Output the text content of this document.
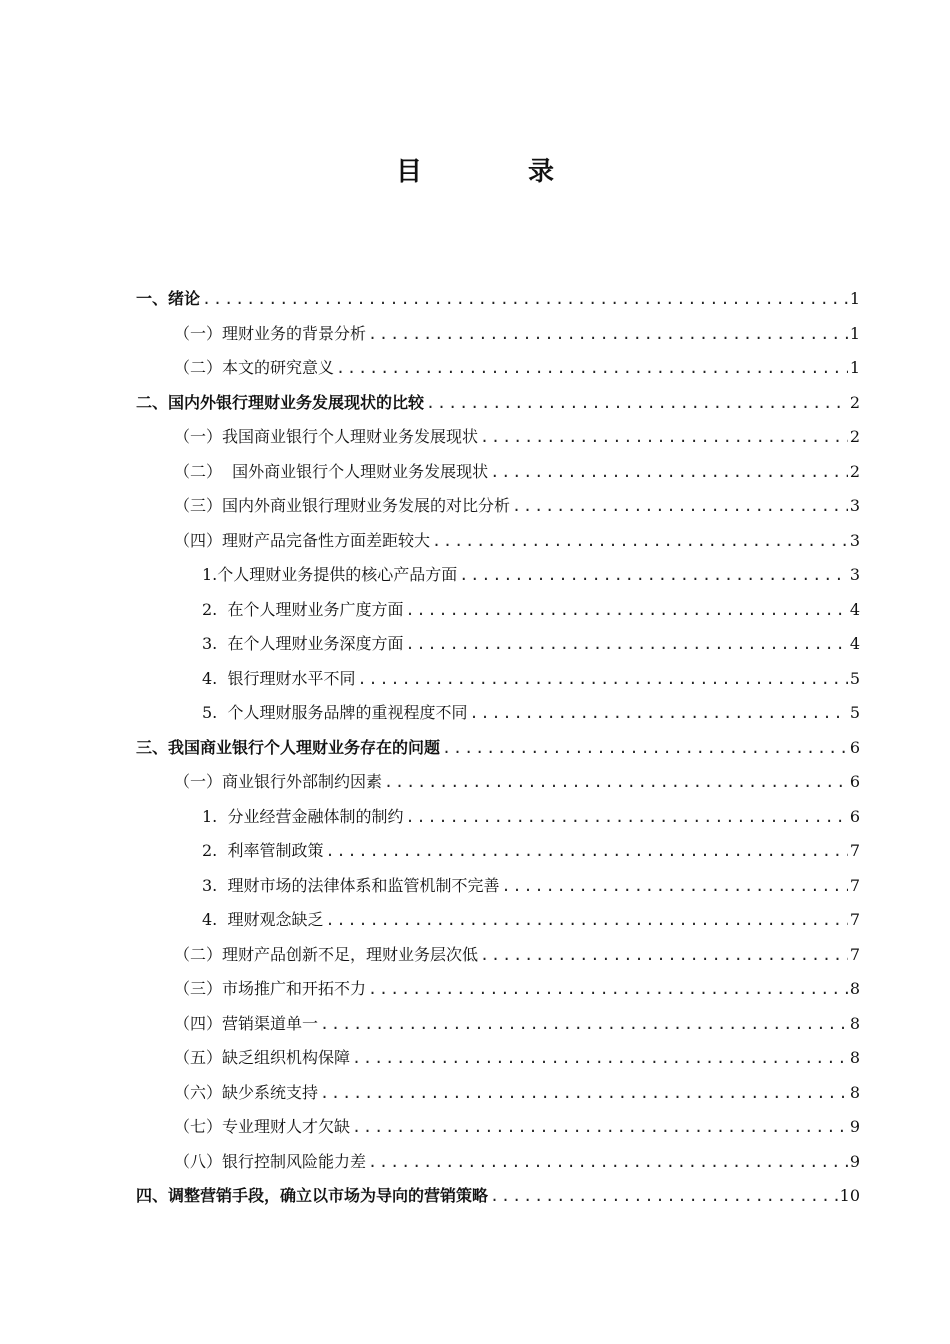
目　录
一、绪论 .....	1
（一）理财业务的背景分析 .....	1
（二）本文的研究意义 .....	1
二、国内外银行理财业务发展现状的比较 .....	2
（一）我国商业银行个人理财业务发展现状 .....	2
（二）  国外商业银行个人理财业务发展现状 .....	2
（三）国内外商业银行理财业务发展的对比分析 .....	3
（四）理财产品完备性方面差距较大 .....	3
1.个人理财业务提供的核心产品方面 .....	3
2.  在个人理财业务广度方面 .....	4
3.  在个人理财业务深度方面 .....	4
4.  银行理财水平不同 .....	5
5.  个人理财服务品牌的重视程度不同 .....	5
三、我国商业银行个人理财业务存在的问题 .....	6
（一）商业银行外部制约因素 .....	6
1.  分业经营金融体制的制约 .....	6
2.  利率管制政策 .....	7
3.  理财市场的法律体系和监管机制不完善 .....	7
4.  理财观念缺乏 .....	7
（二）理财产品创新不足，理财业务层次低 .....	7
（三）市场推广和开拓不力 .....	8
（四）营销渠道单一 .....	8
（五）缺乏组织机构保障 .....	8
（六）缺少系统支持 .....	8
（七）专业理财人才欠缺 .....	9
（八）银行控制风险能力差 .....	9
四、调整营销手段，确立以市场为导向的营销策略 .....	10
